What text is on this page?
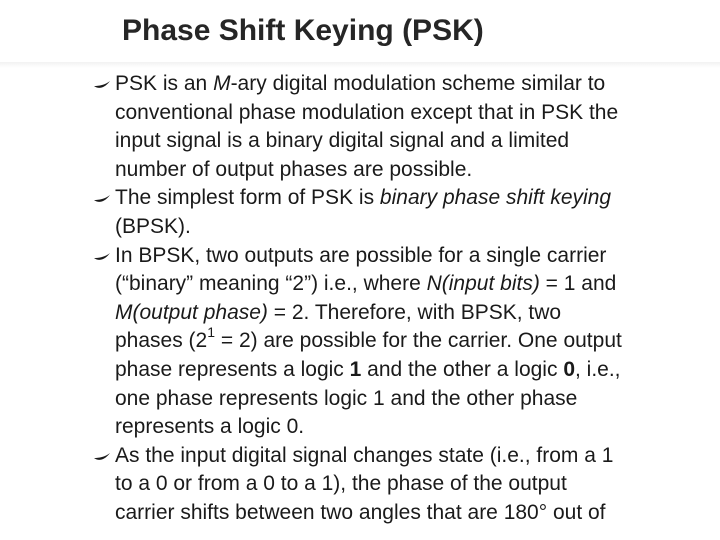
Phase Shift Keying (PSK)
PSK is an M-ary digital modulation scheme similar to
conventional phase modulation except that in PSK the
input signal is a binary digital signal and a limited
number of output phases are possible.
The simplest form of PSK is binary phase shift keying
(BPSK).
In BPSK, two outputs are possible for a single carrier
(“binary” meaning “2”) i.e., where N(input bits) = 1 and
M(output phase) = 2. Therefore, with BPSK, two
phases $(2^1 = 2)$ are possible for the carrier. One output
phase represents a logic 1 and the other a logic 0, i.e.,
one phase represents logic 1 and the other phase
represents a logic 0.
As the input digital signal changes state (i.e., from a 1
to a 0 or from a 0 to a 1), the phase of the output
carrier shifts between two angles that are 180° out of
